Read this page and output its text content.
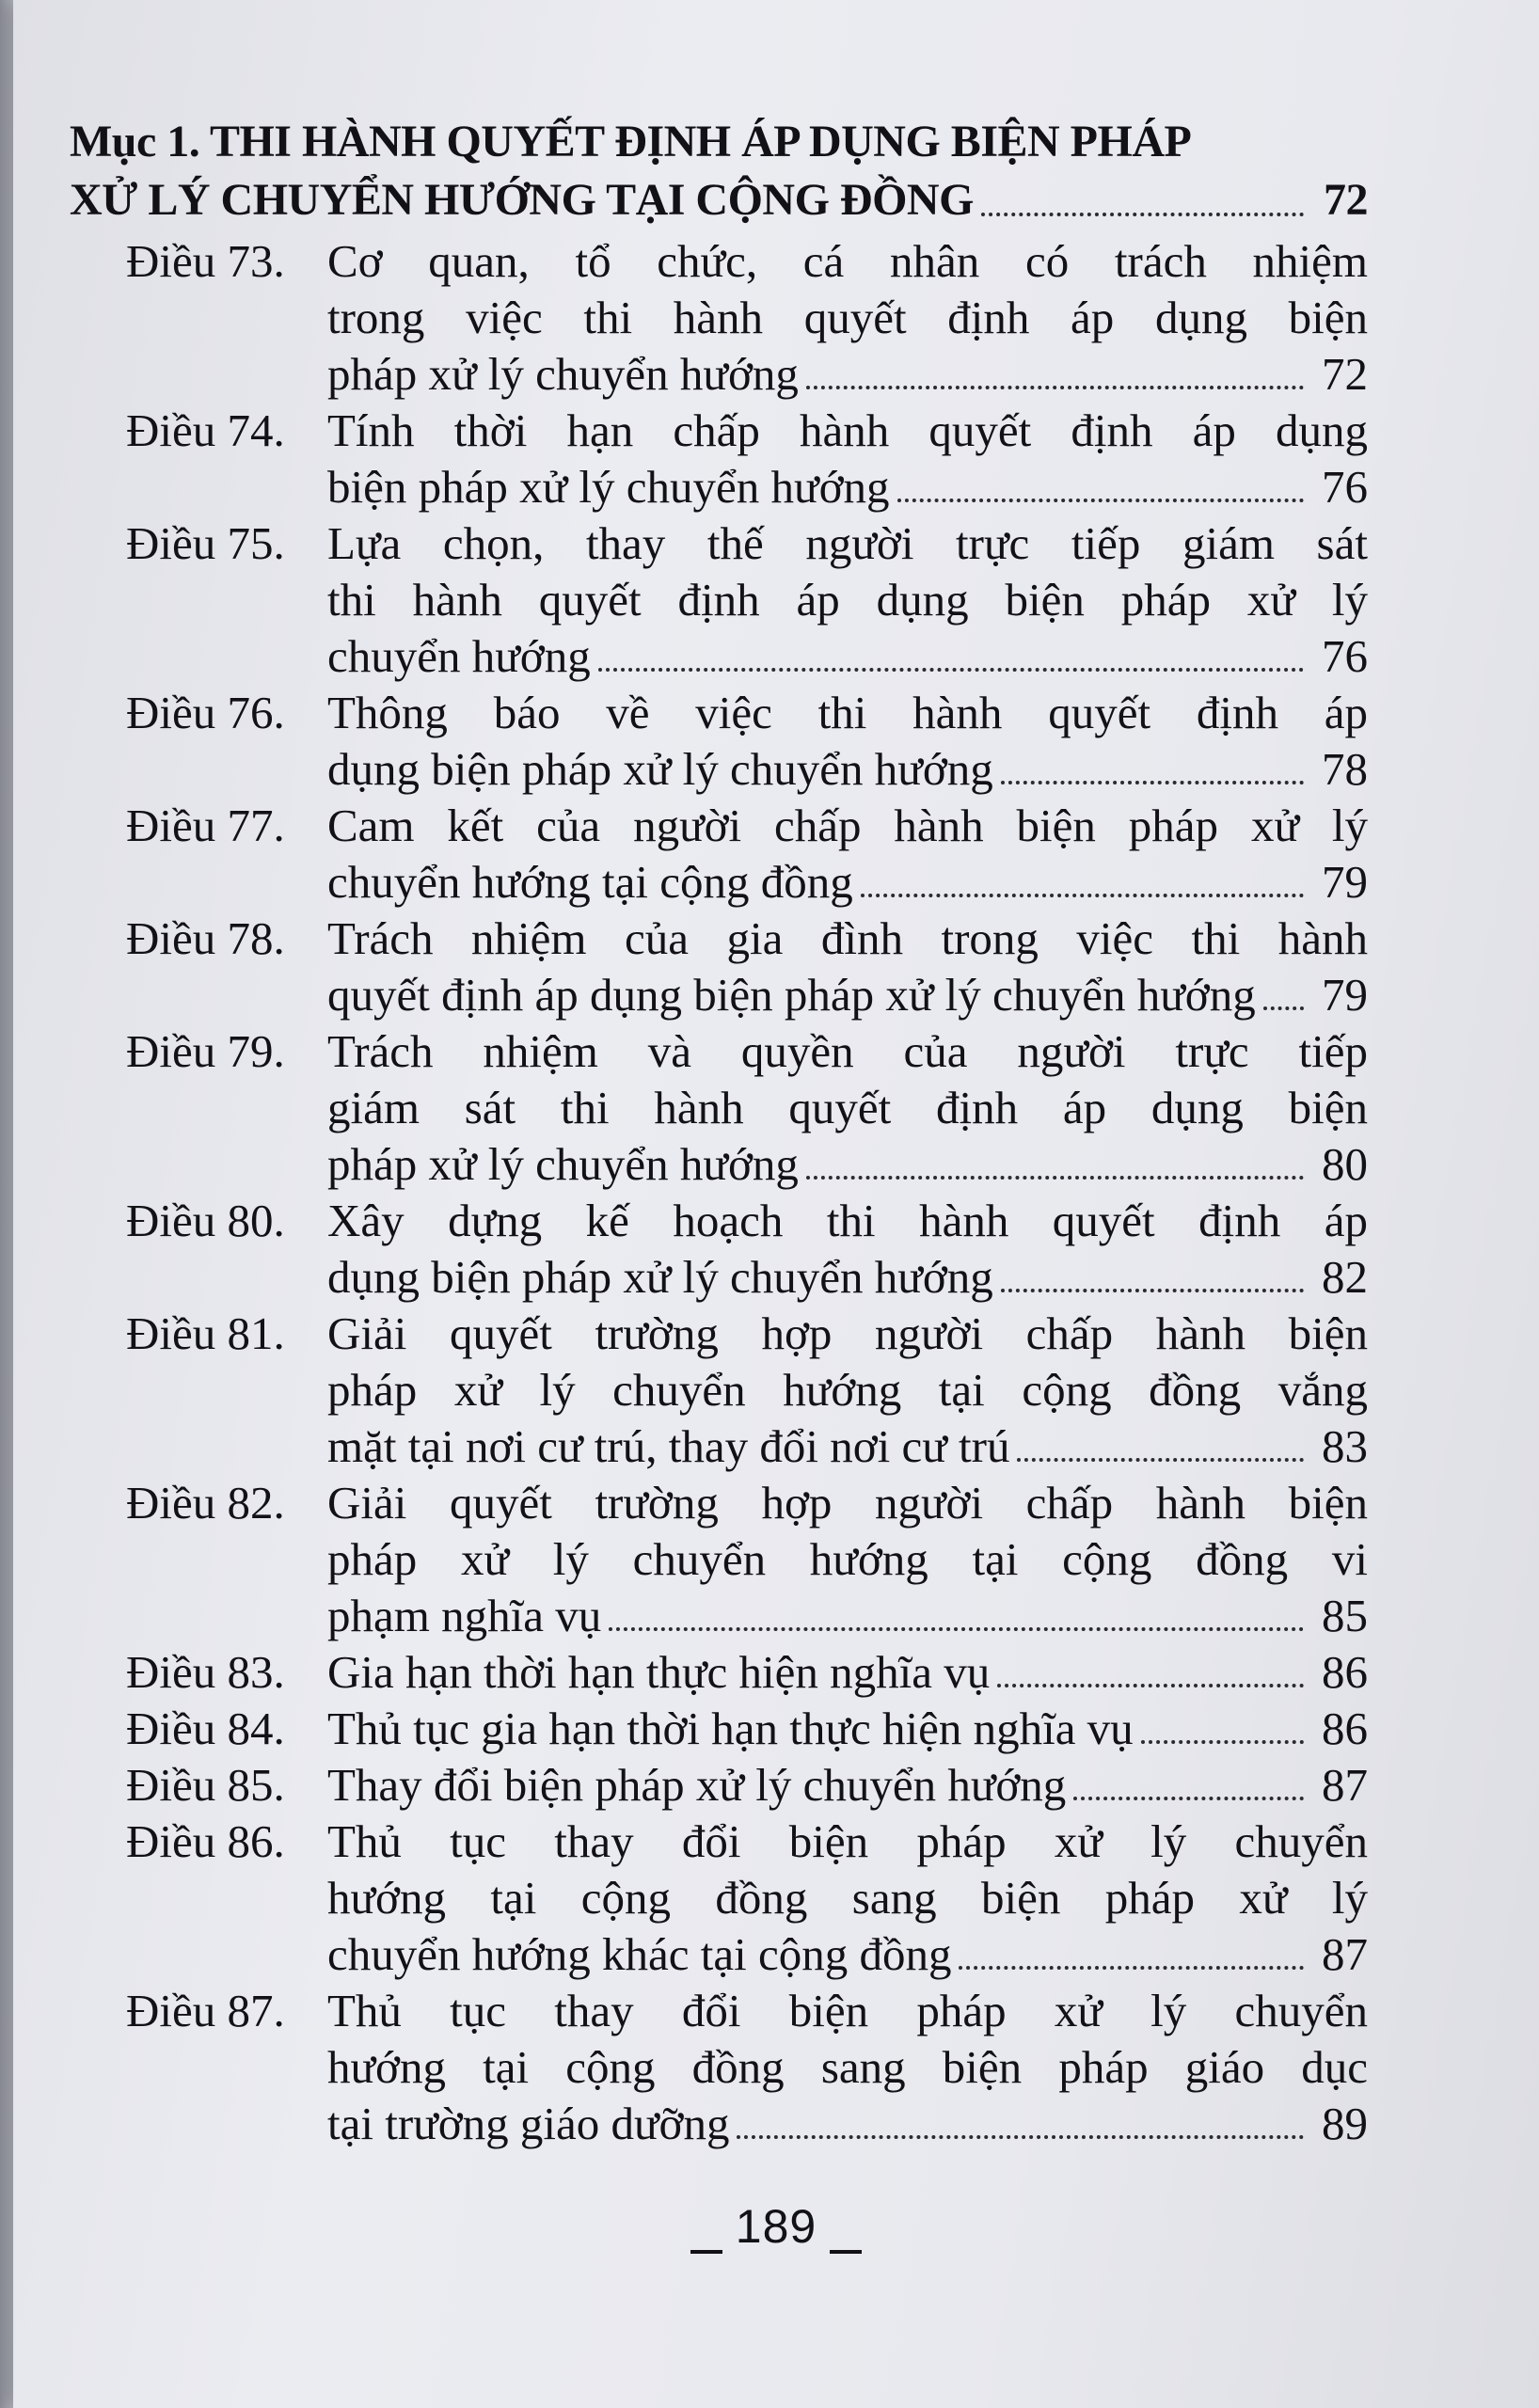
Mục 1. THI HÀNH QUYẾT ĐỊNH ÁP DỤNG BIỆN PHÁP
XỬ LÝ CHUYỂN HƯỚNG TẠI CỘNG ĐỒNG	72
Điều 73. Cơ quan, tổ chức, cá nhân có trách nhiệm
trong việc thi hành quyết định áp dụng biện
pháp xử lý chuyển hướng	72
Điều 74. Tính thời hạn chấp hành quyết định áp dụng
biện pháp xử lý chuyển hướng	76
Điều 75. Lựa chọn, thay thế người trực tiếp giám sát
thi hành quyết định áp dụng biện pháp xử lý
chuyển hướng	76
Điều 76. Thông báo về việc thi hành quyết định áp
dụng biện pháp xử lý chuyển hướng	78
Điều 77. Cam kết của người chấp hành biện pháp xử lý
chuyển hướng tại cộng đồng	79
Điều 78. Trách nhiệm của gia đình trong việc thi hành
quyết định áp dụng biện pháp xử lý chuyển hướng 79
Điều 79. Trách nhiệm và quyền của người trực tiếp
giám sát thi hành quyết định áp dụng biện
pháp xử lý chuyển hướng	80
Điều 80. Xây dựng kế hoạch thi hành quyết định áp
dụng biện pháp xử lý chuyển hướng	82
Điều 81. Giải quyết trường hợp người chấp hành biện
pháp xử lý chuyển hướng tại cộng đồng vắng
mặt tại nơi cư trú, thay đổi nơi cư trú	83
Điều 82. Giải quyết trường hợp người chấp hành biện
pháp xử lý chuyển hướng tại cộng đồng vi
phạm nghĩa vụ	85
Điều 83. Gia hạn thời hạn thực hiện nghĩa vụ	86
Điều 84. Thủ tục gia hạn thời hạn thực hiện nghĩa vụ	86
Điều 85. Thay đổi biện pháp xử lý chuyển hướng	87
Điều 86. Thủ tục thay đổi biện pháp xử lý chuyển
hướng tại cộng đồng sang biện pháp xử lý
chuyển hướng khác tại cộng đồng	87
Điều 87. Thủ tục thay đổi biện pháp xử lý chuyển
hướng tại cộng đồng sang biện pháp giáo dục
tại trường giáo dưỡng	89
189
